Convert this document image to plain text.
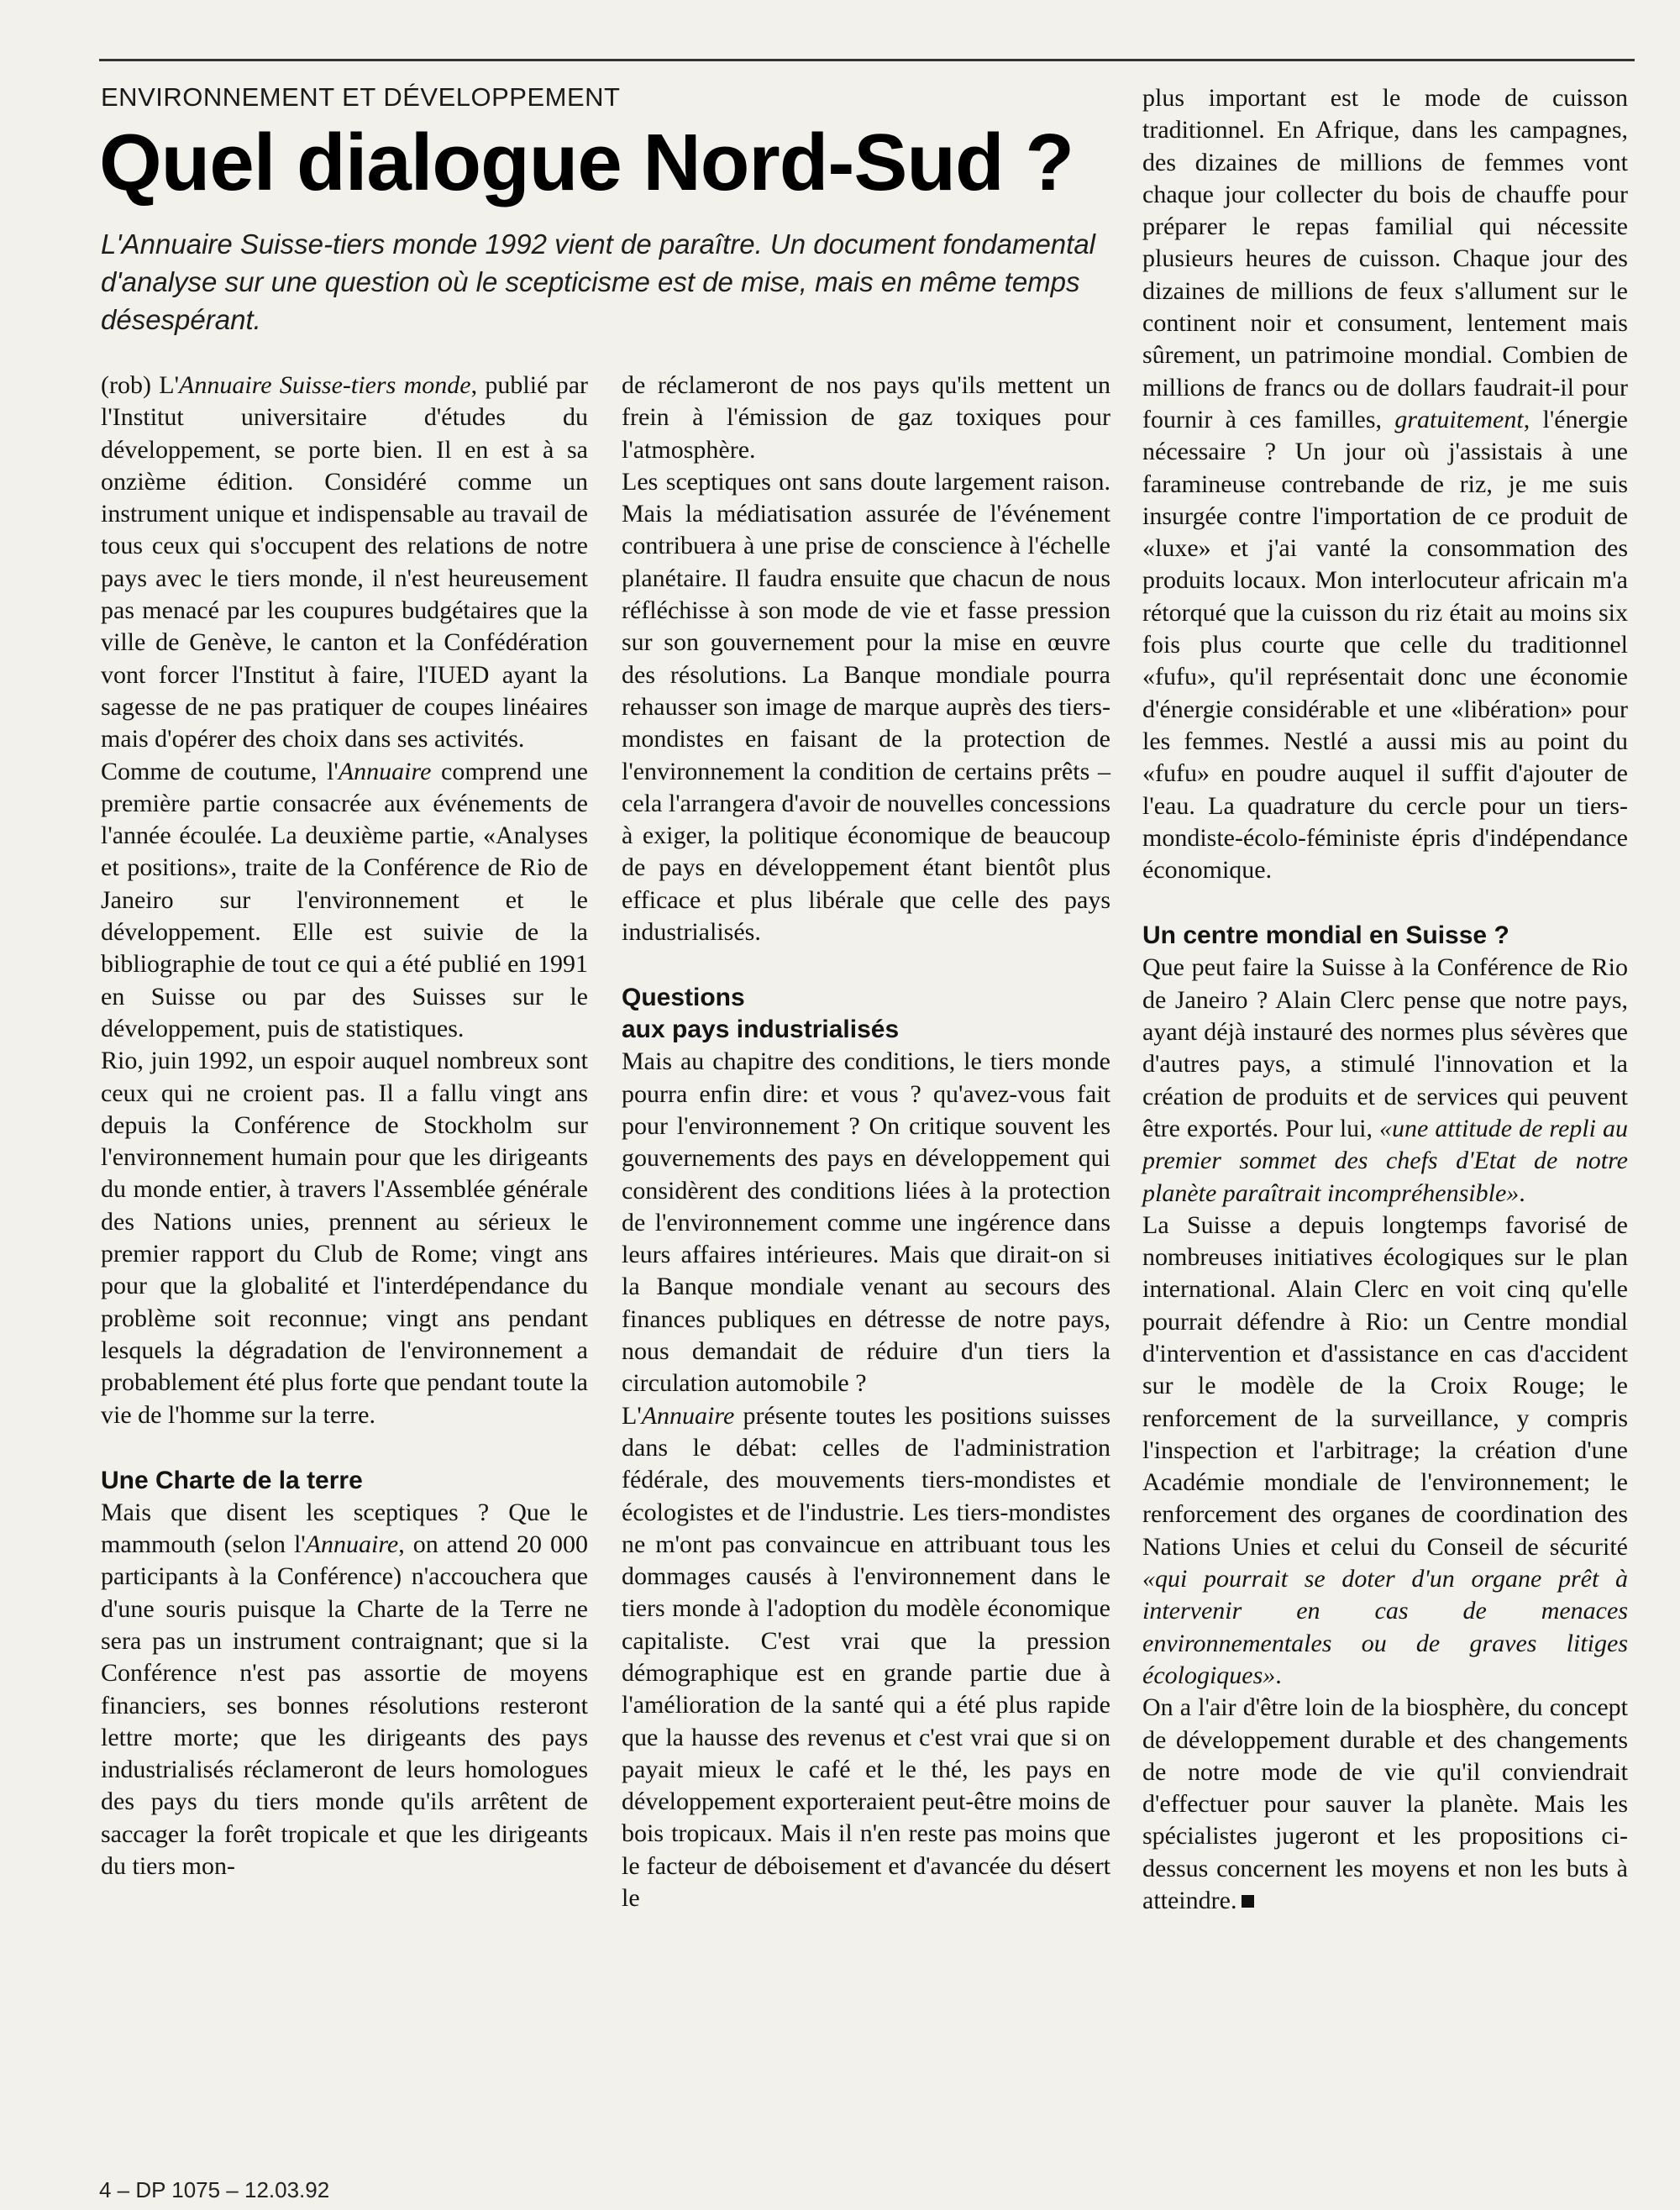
ENVIRONNEMENT ET DÉVELOPPEMENT
Quel dialogue Nord-Sud ?
L'Annuaire Suisse-tiers monde 1992 vient de paraître. Un document fondamental d'analyse sur une question où le scepticisme est de mise, mais en même temps désespérant.

(rob) L'Annuaire Suisse-tiers monde, publié par l'Institut universitaire d'études du développement, se porte bien. Il en est à sa onzième édition. Considéré comme un instrument unique et indispensable au travail de tous ceux qui s'occupent des relations de notre pays avec le tiers monde, il n'est heureusement pas menacé par les coupures budgétaires que la ville de Genève, le canton et la Confédération vont forcer l'Institut à faire, l'IUED ayant la sagesse de ne pas pratiquer de coupes linéaires mais d'opérer des choix dans ses activités.

Comme de coutume, l'Annuaire comprend une première partie consacrée aux événements de l'année écoulée. La deuxième partie, «Analyses et positions», traite de la Conférence de Rio de Janeiro sur l'environnement et le développement. Elle est suivie de la bibliographie de tout ce qui a été publié en 1991 en Suisse ou par des Suisses sur le développement, puis de statistiques.

Rio, juin 1992, un espoir auquel nombreux sont ceux qui ne croient pas. Il a fallu vingt ans depuis la Conférence de Stockholm sur l'environnement humain pour que les dirigeants du monde entier, à travers l'Assemblée générale des Nations unies, prennent au sérieux le premier rapport du Club de Rome; vingt ans pour que la globalité et l'interdépendance du problème soit reconnue; vingt ans pendant lesquels la dégradation de l'environnement a probablement été plus forte que pendant toute la vie de l'homme sur la terre.

Une Charte de la terre

Mais que disent les sceptiques ? Que le mammouth (selon l'Annuaire, on attend 20 000 participants à la Conférence) n'accouchera que d'une souris puisque la Charte de la Terre ne sera pas un instrument contraignant; que si la Conférence n'est pas assortie de moyens financiers, ses bonnes résolutions resteront lettre morte; que les dirigeants des pays industrialisés réclameront de leurs homologues des pays du tiers monde qu'ils arrêtent de saccager la forêt tropicale et que les dirigeants du tiers mon-

de réclameront de nos pays qu'ils mettent un frein à l'émission de gaz toxiques pour l'atmosphère.

Les sceptiques ont sans doute largement raison. Mais la médiatisation assurée de l'événement contribuera à une prise de conscience à l'échelle planétaire. Il faudra ensuite que chacun de nous réfléchisse à son mode de vie et fasse pression sur son gouvernement pour la mise en œuvre des résolutions. La Banque mondiale pourra rehausser son image de marque auprès des tiers-mondistes en faisant de la protection de l'environnement la condition de certains prêts – cela l'arrangera d'avoir de nouvelles concessions à exiger, la politique économique de beaucoup de pays en développement étant bientôt plus efficace et plus libérale que celle des pays industrialisés.

Questions
aux pays industrialisés

Mais au chapitre des conditions, le tiers monde pourra enfin dire: et vous ? qu'avez-vous fait pour l'environnement ? On critique souvent les gouvernements des pays en développement qui considèrent des conditions liées à la protection de l'environnement comme une ingérence dans leurs affaires intérieures. Mais que dirait-on si la Banque mondiale venant au secours des finances publiques en détresse de notre pays, nous demandait de réduire d'un tiers la circulation automobile ?

L'Annuaire présente toutes les positions suisses dans le débat: celles de l'administration fédérale, des mouvements tiers-mondistes et écologistes et de l'industrie. Les tiers-mondistes ne m'ont pas convaincue en attribuant tous les dommages causés à l'environnement dans le tiers monde à l'adoption du modèle économique capitaliste. C'est vrai que la pression démographique est en grande partie due à l'amélioration de la santé qui a été plus rapide que la hausse des revenus et c'est vrai que si on payait mieux le café et le thé, les pays en développement exporteraient peut-être moins de bois tropicaux. Mais il n'en reste pas moins que le facteur de déboisement et d'avancée du désert le

plus important est le mode de cuisson traditionnel. En Afrique, dans les campagnes, des dizaines de millions de femmes vont chaque jour collecter du bois de chauffe pour préparer le repas familial qui nécessite plusieurs heures de cuisson. Chaque jour des dizaines de millions de feux s'allument sur le continent noir et consument, lentement mais sûrement, un patrimoine mondial. Combien de millions de francs ou de dollars faudrait-il pour fournir à ces familles, gratuitement, l'énergie nécessaire ? Un jour où j'assistais à une faramineuse contrebande de riz, je me suis insurgée contre l'importation de ce produit de «luxe» et j'ai vanté la consommation des produits locaux. Mon interlocuteur africain m'a rétorqué que la cuisson du riz était au moins six fois plus courte que celle du traditionnel «fufu», qu'il représentait donc une économie d'énergie considérable et une «libération» pour les femmes. Nestlé a aussi mis au point du «fufu» en poudre auquel il suffit d'ajouter de l'eau. La quadrature du cercle pour un tiers-mondiste-écolo-féministe épris d'indépendance économique.

Un centre mondial en Suisse ?

Que peut faire la Suisse à la Conférence de Rio de Janeiro ? Alain Clerc pense que notre pays, ayant déjà instauré des normes plus sévères que d'autres pays, a stimulé l'innovation et la création de produits et de services qui peuvent être exportés. Pour lui, «une attitude de repli au premier sommet des chefs d'Etat de notre planète paraîtrait incompréhensible».

La Suisse a depuis longtemps favorisé de nombreuses initiatives écologiques sur le plan international. Alain Clerc en voit cinq qu'elle pourrait défendre à Rio: un Centre mondial d'intervention et d'assistance en cas d'accident sur le modèle de la Croix Rouge; le renforcement de la surveillance, y compris l'inspection et l'arbitrage; la création d'une Académie mondiale de l'environnement; le renforcement des organes de coordination des Nations Unies et celui du Conseil de sécurité «qui pourrait se doter d'un organe prêt à intervenir en cas de menaces environnementales ou de graves litiges écologiques».

On a l'air d'être loin de la biosphère, du concept de développement durable et des changements de notre mode de vie qu'il conviendrait d'effectuer pour sauver la planète. Mais les spécialistes jugeront et les propositions ci-dessus concernent les moyens et non les buts à atteindre.

4 – DP 1075 – 12.03.92
